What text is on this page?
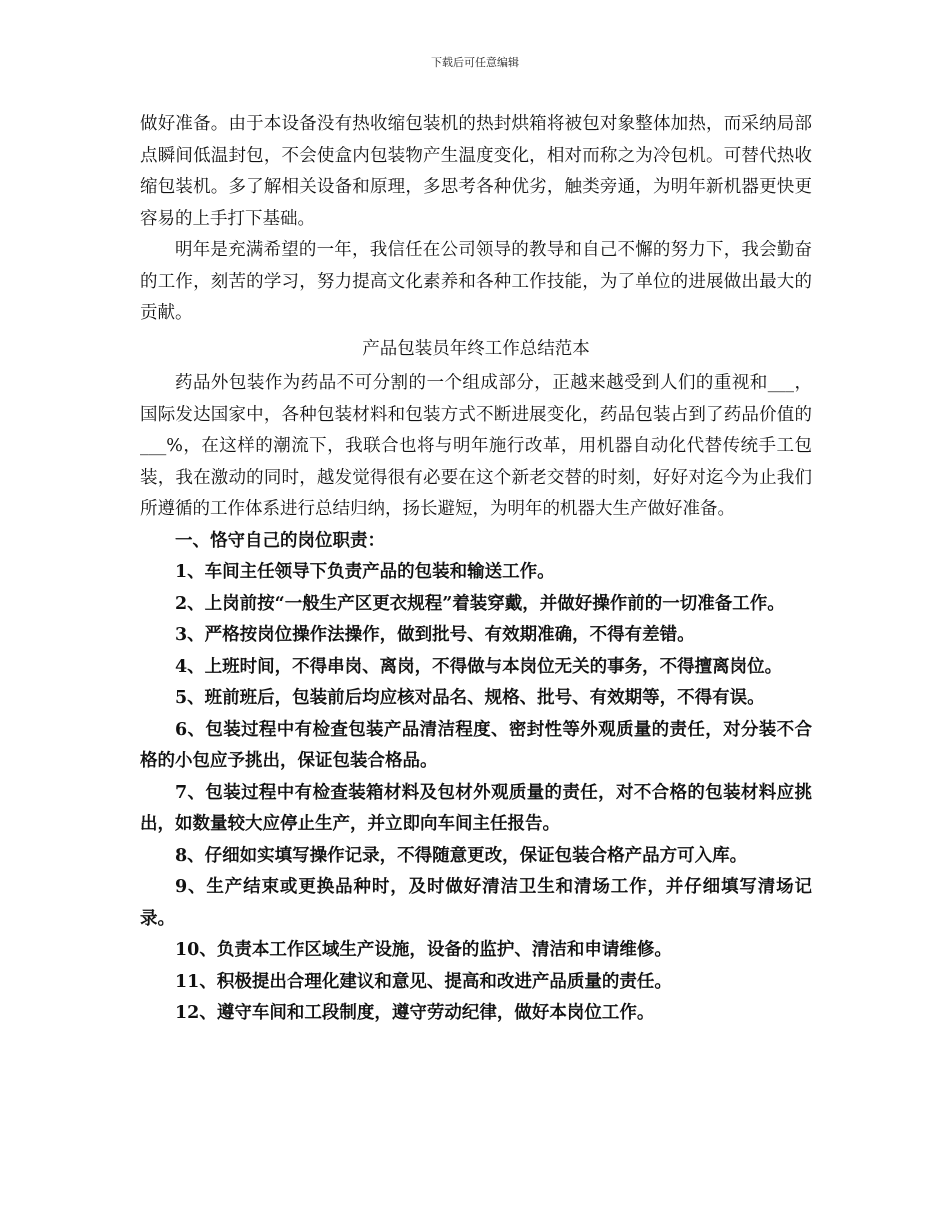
下载后可任意编辑

做好准备。由于本设备没有热收缩包装机的热封烘箱将被包对象整体加热，而采纳局部点瞬间低温封包，不会使盒内包装物产生温度变化，相对而称之为冷包机。可替代热收缩包装机。多了解相关设备和原理，多思考各种优劣，触类旁通，为明年新机器更快更容易的上手打下基础。

明年是充满希望的一年，我信任在公司领导的教导和自己不懈的努力下，我会勤奋的工作，刻苦的学习，努力提高文化素养和各种工作技能，为了单位的进展做出最大的贡献。

产品包装员年终工作总结范本

药品外包装作为药品不可分割的一个组成部分，正越来越受到人们的重视和___，国际发达国家中，各种包装材料和包装方式不断进展变化，药品包装占到了药品价值的___%，在这样的潮流下，我联合也将与明年施行改革，用机器自动化代替传统手工包装，我在激动的同时，越发觉得很有必要在这个新老交替的时刻，好好对迄今为止我们所遵循的工作体系进行总结归纳，扬长避短，为明年的机器大生产做好准备。

一、恪守自己的岗位职责：

1、车间主任领导下负责产品的包装和输送工作。

2、上岗前按“一般生产区更衣规程”着装穿戴，并做好操作前的一切准备工作。

3、严格按岗位操作法操作，做到批号、有效期准确，不得有差错。

4、上班时间，不得串岗、离岗，不得做与本岗位无关的事务，不得擅离岗位。

5、班前班后，包装前后均应核对品名、规格、批号、有效期等，不得有误。

6、包装过程中有检查包装产品清洁程度、密封性等外观质量的责任，对分装不合格的小包应予挑出，保证包装合格品。

7、包装过程中有检查装箱材料及包材外观质量的责任，对不合格的包装材料应挑出，如数量较大应停止生产，并立即向车间主任报告。

8、仔细如实填写操作记录，不得随意更改，保证包装合格产品方可入库。

9、生产结束或更换品种时，及时做好清洁卫生和清场工作，并仔细填写清场记录。

10、负责本工作区域生产设施，设备的监护、清洁和申请维修。

11、积极提出合理化建议和意见、提高和改进产品质量的责任。

12、遵守车间和工段制度，遵守劳动纪律，做好本岗位工作。
